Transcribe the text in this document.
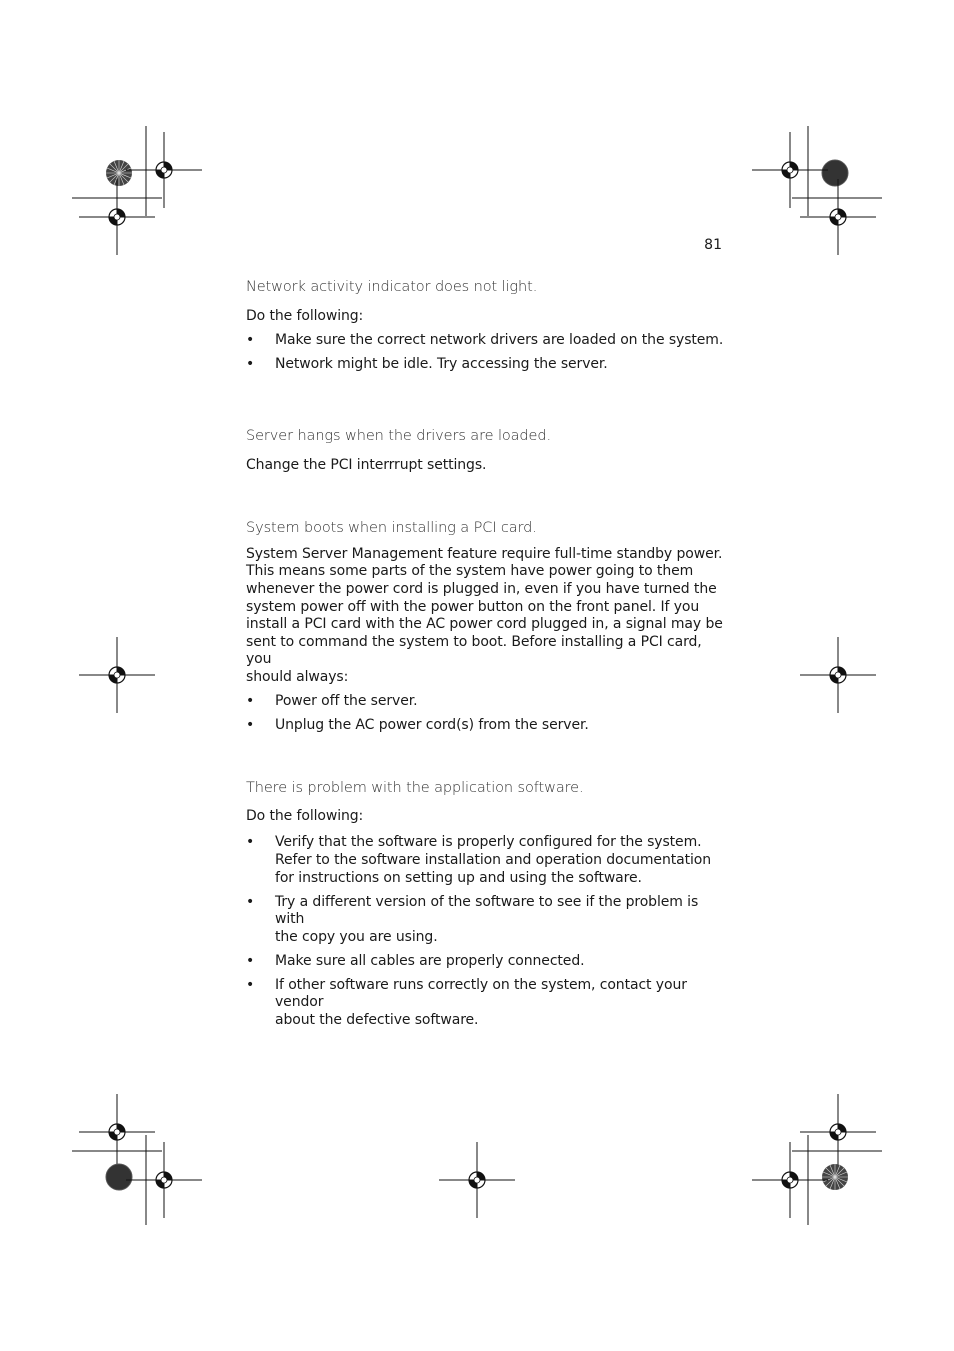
81

Network activity indicator does not light.

Do the following:

• Make sure the correct network drivers are loaded on the system.
• Network might be idle. Try accessing the server.

Server hangs when the drivers are loaded.

Change the PCI interrrupt settings.

System boots when installing a PCI card.

System Server Management feature require full-time standby power.
This means some parts of the system have power going to them
whenever the power cord is plugged in, even if you have turned the
system power off with the power button on the front panel. If you
install a PCI card with the AC power cord plugged in, a signal may be
sent to command the system to boot. Before installing a PCI card, you
should always:
• Power off the server.
• Unplug the AC power cord(s) from the server.

There is problem with the application software.

Do the following:

• Verify that the software is properly configured for the system.
Refer to the software installation and operation documentation
for instructions on setting up and using the software.
• Try a different version of the software to see if the problem is with
the copy you are using.
• Make sure all cables are properly connected.
• If other software runs correctly on the system, contact your vendor
about the defective software.
